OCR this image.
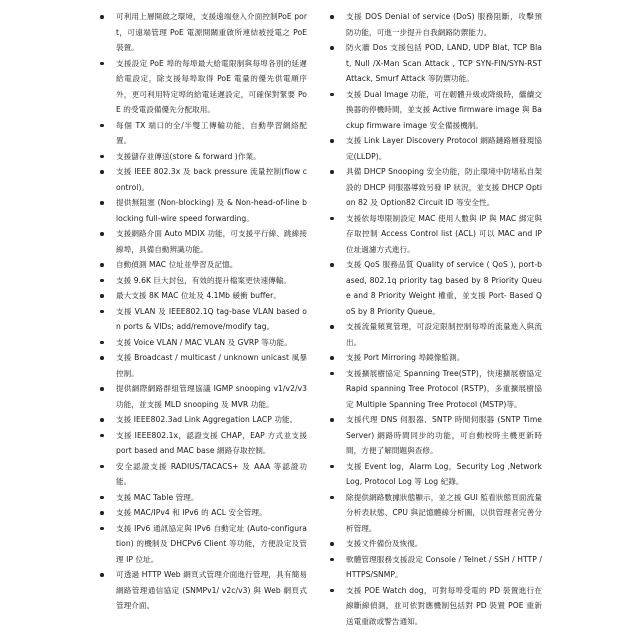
可利用上層開啟之環境，支援遠端登入介面控制PoE port，可遠端管理 PoE 電源開關重啟所連結被授電之 PoE 裝置。
支援設定 PoE 埠的每埠最大給電限制與每埠各別的延遲給電設定，除支援每埠取得 PoE 電量的優先供電順序外，更可利用特定埠的給電延遲設定，可確保對緊要 PoE 的受電設備優先分配取用。
每個 TX 端口的全/半雙工傳輸功能，自動學習網絡配置。
支援儲存並傳送(store & forward )作業。
支援 IEEE 802.3x 及 back pressure 流量控制(flow control)。
提供無阻塞 (Non-blocking) 及 & Non-head-of-line blocking full-wire speed forwarding。
支援網路介面 Auto MDIX 功能，可支援平行線、跳線接線埠，具備自動辨識功能。
自動偵測 MAC 位址並學習及記憶。
支援 9.6K 巨大封包，有效的提升檔案更快速傳輸。
最大支援 8K MAC 位址及 4.1Mb 緩衝 buffer。
支援 VLAN 及 IEEE802.1Q tag-base VLAN based on ports & VIDs; add/remove/modify tag。
支援 Voice VLAN / MAC VLAN 及 GVRP 等功能。
支援 Broadcast / multicast / unknown unicast 風暴控制。
提供網際網路群組管理協議 IGMP snooping v1/v2/v3 功能，並支援 MLD snooping 及 MVR 功能。
支援 IEEE802.3ad Link Aggregation LACP 功能。
支援 IEEE802.1x，認證支援 CHAP，EAP 方式並支援 port based and MAC base 網路存取控制。
安全認證支援 RADIUS/TACACS+ 及 AAA 等認證功能。
支援 MAC Table 管理。
支援 MAC/IPv4 和 IPv6 的 ACL 安全管理。
支援 IPv6 通訊協定與 IPv6 自動定址 (Auto-configuration) 的機制及 DHCPv6 Client 等功能，方便設定及管理 IP 位址。
可透過 HTTP Web 網頁式管理介面進行管理，具有簡易網路管理通信協定 (SNMPv1/ v2c/v3) 與 Web 網頁式管理介面。
支援 DOS Denial of service (DoS) 服務阻斷，攻擊預防功能，可進一步提升自我網路防禦能力。
防火牆 Dos 支援包括 POD, LAND, UDP Blat, TCP Blat, Null /X-Man Scan Attack , TCP SYN-FIN/SYN-RST Attack, Smurf Attack 等防禦功能。
支援 Dual Image 功能，可在韌體升級或降級時，繼續交換器的停機時間，並支援 Active firmware image 與 Backup firmware image 安全備援機制。
支援 Link Layer Discovery Protocol 網路鏈路層發現協定(LLDP)。
具備 DHCP Snooping 安全功能，防止環境中防堵私自架設的 DHCP 伺服器導致另發 IP 狀況，並支援 DHCP Option 82 及 Option82 Circuit ID 等安全性。
支援依每埠限制設定 MAC 使用人數與 IP 與 MAC 綁定與存取控制 Access Control list (ACL) 可以 MAC and IP 位址過濾方式進行。
支援 QoS 服務品質 Quality of service ( QoS ), port-based, 802.1q priority tag based by 8 Priority Queue and 8 Priority Weight 權重，並支援 Port- Based QoS by 8 Priority Queue。
支援流量頻寬管理，可設定限制控制每埠的流量進入與流出。
支援 Port Mirroring 埠鏡像監測。
支援擴展樹協定 Spanning Tree(STP)，快速擴展樹協定 Rapid spanning Tree Protocol (RSTP)，多重擴展樹協定 Multiple Spanning Tree Protocol (MSTP)等。
支援代理 DNS 伺服器、SNTP 時間伺服器 (SNTP Time Server) 網路時間同步的功能，可自動校時主機更新時間，方便了解問題與查修。
支援 Event log，Alarm Log，Security Log ,Network Log, Protocol Log 等 Log 紀錄。
除提供網路數據狀態顯示，並之援 GUI 監看狀態頁面流量分析表狀態、CPU 與記憶體線分析圖，以供管理者完善分析管理。
支援文件備份及恢復。
軟體管理服務支援設定 Console / Telnet / SSH / HTTP /HTTPS/SNMP。
支援 POE Watch dog，可對每埠受電的 PD 裝置進行在線斷線偵測，並可依對應機制包括對 PD 裝置 POE 重新送電重啟或警告通知。
